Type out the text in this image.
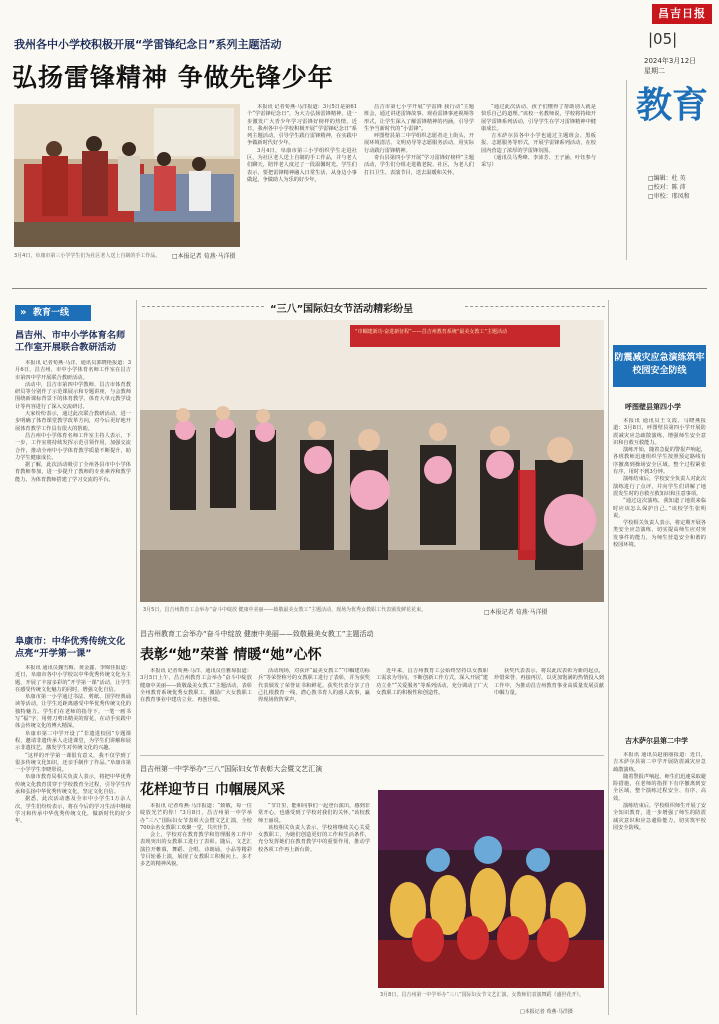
昌吉日报
|05|
2024年3月12日
星期二
我州各中小学校积极开展“学雷锋纪念日”系列主题活动
弘扬雷锋精神 争做先锋少年
3月4日，阜康市第三小学学生们为社区老人送上自制的手工作品。	□本报记者 荀燕·马洋摄

本报讯 记者荀燕·马洋报道：3月5日是第61个“学雷锋纪念日”，为大力弘扬雷锋精神，进一步激发广大青少年学习雷锋好榜样的热情，近日，我州各中小学校积极开展“学雷锋纪念日”系列主题活动，引导学生践行雷锋精神，在实践中争做新时代好少年。

3月4日，阜康市第三小学组织学生走进社区，为社区老人送上自制的手工作品，并与老人们聊天，陪伴老人度过了一段温馨时光。学生们表示，要把雷锋精神融入日常生活，从身边小事做起，争做助人为乐的好少年。

昌吉市第七小学开展“学雷锋 我行动”主题班会，通过讲述雷锋故事、观看雷锋事迹视频等形式，让学生深入了解雷锋精神的内涵，引导学生争当新时代的“小雷锋”。

呼图壁县第二中学组织志愿者走上街头，开展环境清洁、文明劝导等志愿服务活动，用实际行动践行雷锋精神。

奇台县第四小学开展“学习雷锋好榜样”主题活动，学生们分组走进敬老院、社区，为老人们打扫卫生、表演节目，送去温暖和关怀。

“通过此次活动，孩子们懂得了帮助别人就是快乐自己的道理。”该校一名教师说，学校将持续开展学雷锋系列活动，引导学生在学习雷锋精神中健康成长。

吉木萨尔县各中小学也通过主题班会、黑板报、志愿服务等形式，开展学雷锋系列活动，在校园内营造了浓厚的学雷锋氛围。

（通讯员马秀峰、李沛芳、王子涵、叶钰参与采写）

教育
□编辑：杜 英
□校对：陈 沛
□审校：邢凤和
» 教育一线
昌吉州、市中小学体育名师工作室开展联合教研活动

本报讯 记者荀燕·马洋、通讯员郭晓艳报道：3月6日，昌吉州、市中小学体育名师工作室在昌吉市第四中学开展联合教研活动。

活动中，昌吉市第四中学教师、昌吉市体育教研员等分别作了示范课展示和专题讲座，与会教师围绕新课标背景下的体育教学、体育大单元教学设计等内容进行了深入交流研讨。

大家纷纷表示，通过此次联合教研活动，进一步明确了体育课堂教学改革方向，对今后更好地开展体育教学工作具有很大的帮助。

昌吉州中小学体育名师工作室主持人表示，下一步，工作室将持续发挥示范引领作用，加强交流合作，推动全州中小学体育教学质量不断提升，助力学生健康成长。

据了解，此次活动吸引了全州各县市中小学体育教师参加，进一步提升了教师的专业素养和教学能力，为体育教师搭建了学习交流的平台。

阜康市：中华优秀传统文化点亮“开学第一课”

本报讯 通讯员魏雪梅、黄金鑫、李锦佳报道：近日，阜康市各中小学校以中华优秀传统文化为主题，开展了丰富多彩的“开学第一课”活动，让学生在感受传统文化魅力的同时，增强文化自信。

阜康市第一小学通过书法、剪纸、国学经典诵读等活动，让学生近距离感受中华优秀传统文化的独特魅力。学生们在老师的指导下，一笔一画书写“福”字，用剪刀剪出精美的窗花，在动手实践中体会传统文化的博大精深。

阜康市第二中学开设了“非遗进校园”专题课程，邀请非遗传承人走进课堂，为学生们讲解和展示非遗技艺，激发学生对传统文化的兴趣。

“这样的开学第一课很有意义，我不仅学到了很多传统文化知识，还亲手制作了作品。”阜康市第一小学学生李晓彤说。

阜康市教育局相关负责人表示，将把中华优秀传统文化教育贯穿于学校教育全过程，引导学生传承和弘扬中华优秀传统文化，坚定文化自信。

据悉，此次活动惠及全市中小学生1万余人次，学生们纷纷表示，将在今后的学习生活中继续学习和传承中华优秀传统文化，做新时代的好少年。

“三八”国际妇女节活动精彩纷呈
“巾帼建新功·奋进新征程”——昌吉州教育系统“最美女教工”主题活动
3月5日，昌吉州教育工会举办“奋斗中绽放 健康中美丽——致敬最美女教工”主题活动，现场为优秀女教职工代表颁发鲜花花束。	□本报记者 荀燕·马洋摄
昌吉州教育工会举办“奋斗中绽放 健康中美丽——致敬最美女教工”主题活动
表彰“她”荣誉 情暖“她”心怀

本报讯 记者荀燕·马洋、通讯员任雅琼报道：3月5日上午，昌吉州教育工会举办“奋斗中绽放 健康中美丽——致敬最美女教工”主题活动，表彰全州教育系统优秀女教职工，激励广大女教职工在教育事业中建功立业、再创佳绩。

活动现场，对获评“最美女教工”“巾帼建功标兵”等荣誉称号的女教职工进行了表彰，并为获奖代表颁发了荣誉证书和鲜花。获奖代表分享了自己扎根教育一线、潜心教书育人的感人故事，赢得现场阵阵掌声。

近年来，昌吉州教育工会始终坚持以女教职工需求为导向，不断创新工作方式，深入开展“建功立业”“关爱服务”等系列活动，充分调动了广大女教职工的积极性和创造性。

获奖代表表示，将以此次表彰为新的起点，珍惜荣誉、再接再厉，以更加饱满的热情投入到工作中，为推动昌吉州教育事业高质量发展贡献巾帼力量。

昌吉州第一中学举办“三八”国际妇女节表彰大会暨文艺汇演
花样迎节日 巾帼展风采

本报讯 记者荀燕·马洋报道：“致敬，每一位绽放光芒的你！”3月8日，昌吉州第一中学举办“三八”国际妇女节表彰大会暨文艺汇演，全校700余名女教职工欢聚一堂，共庆佳节。

会上，学校对在教育教学和管理服务工作中表现突出的女教职工进行了表彰。随后，文艺汇演拉开帷幕，舞蹈、合唱、诗朗诵、小品等精彩节目轮番上演，展现了女教职工积极向上、多才多艺的精神风貌。

“节日里，能和同事们一起登台演出，感到非常开心，也感受到了学校对我们的关怀。”该校教师王丽说。

该校相关负责人表示，学校将继续关心关爱女教职工，为她们创造更好的工作和生活条件，充分发挥她们在教育教学中的重要作用，推动学校各项工作再上新台阶。

3月8日，昌吉州第一中学举办“三八”国际妇女节文艺汇演，女教师们表演舞蹈《盛世花开》。
□本报记者 荀燕·马洋摄
防震减灾应急演练筑牢校园安全防线
呼图壁县第四小学

本报讯 通讯员王文霞、马晓燕报道：3月8日，呼图壁县第四小学开展防震减灾应急疏散演练，增强师生安全意识和自救互救能力。

演练开始，随着急促的警报声响起，各班教师迅速组织学生按照预定路线有序撤离到操场安全区域。整个过程紧张有序，用时不到3分钟。

演练结束后，学校安全负责人对此次演练进行了点评，并向学生们讲解了地震发生时的自救互救知识和注意事项。

“通过这次演练，我知道了地震来临时应该怎么保护自己。”该校学生张明说。

学校相关负责人表示，将定期开展各类安全应急演练，切实提高师生应对突发事件的能力，为师生营造安全和谐的校园环境。

吉木萨尔县第二中学

本报讯 通讯员赵丽丽报道：近日，吉木萨尔县第二中学开展防震减灾应急疏散演练。

随着警报声响起，师生们迅速采取避险措施，在老师的指挥下有序撤离到安全区域，整个演练过程安全、有序、高效。

演练结束后，学校组织师生开展了安全知识教育，进一步增强了师生的防震减灾意识和应急避险能力，切实筑牢校园安全防线。
